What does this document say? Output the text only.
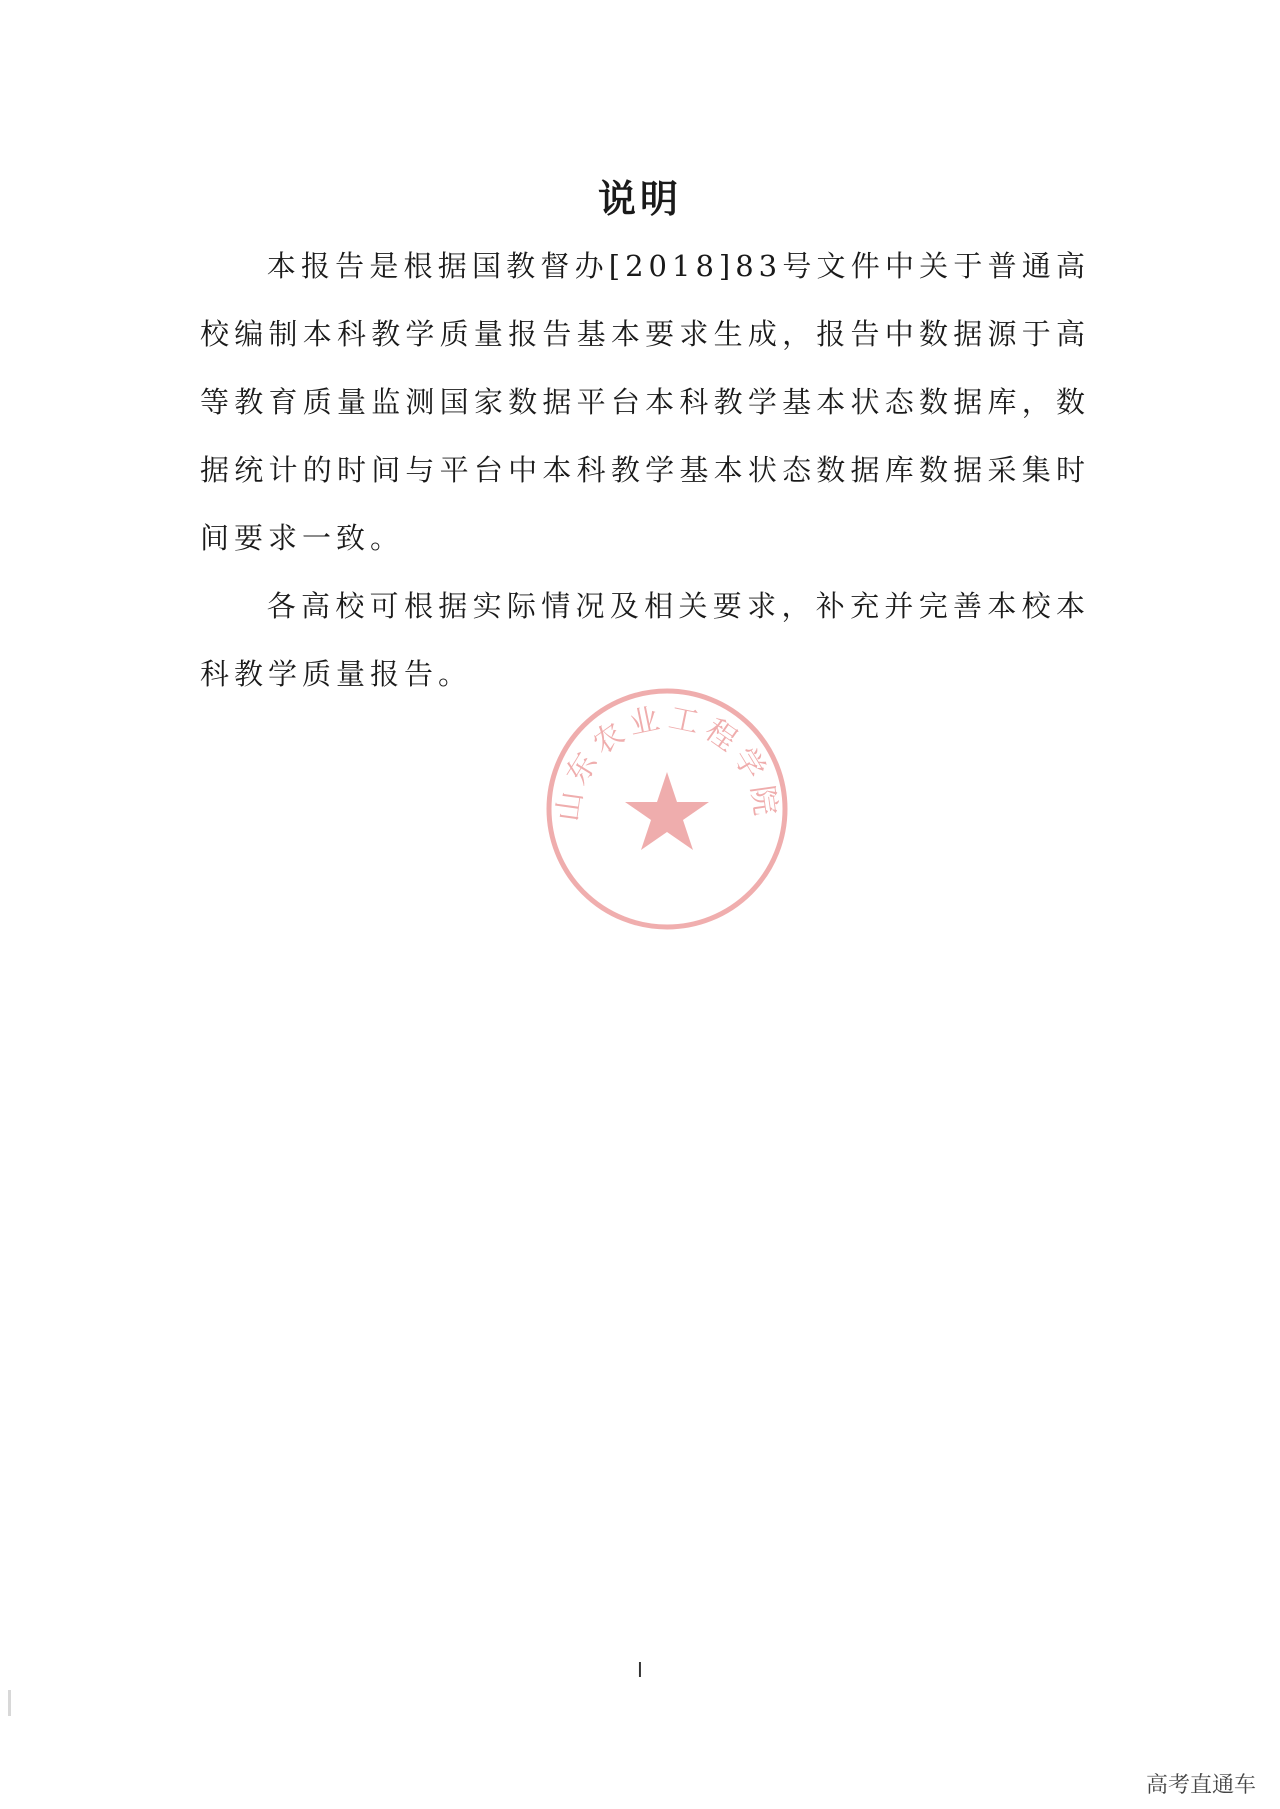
说明

本报告是根据国教督办[2018]83号文件中关于普通高校编制本科教学质量报告基本要求生成，报告中数据源于高等教育质量监测国家数据平台本科教学基本状态数据库，数据统计的时间与平台中本科教学基本状态数据库数据采集时间要求一致。

各高校可根据实际情况及相关要求，补充并完善本校本科教学质量报告。

山东农业工程学院
I
高考直通车
